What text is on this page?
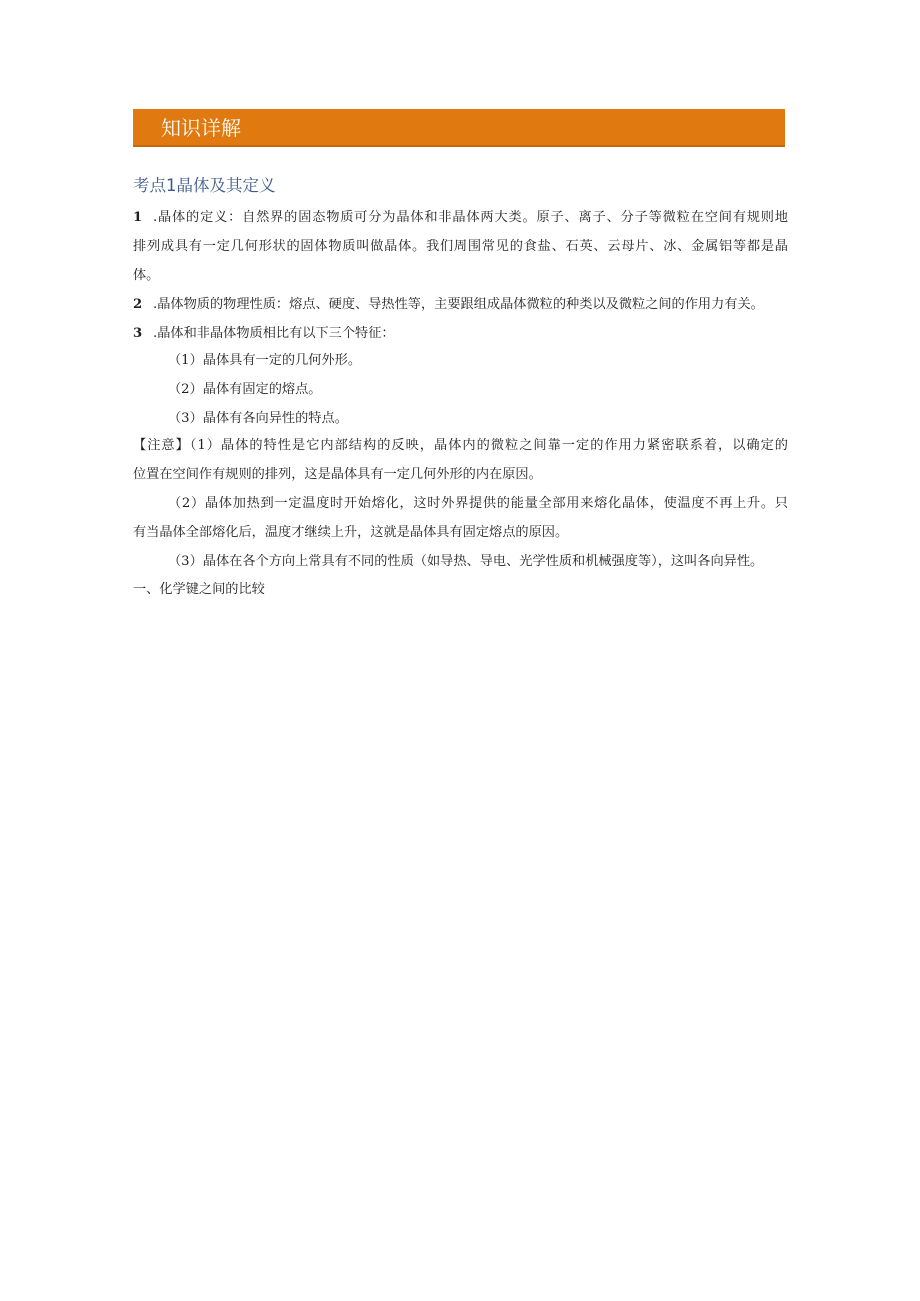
知识详解
考点1晶体及其定义
1 .晶体的定义：自然界的固态物质可分为晶体和非晶体两大类。原子、离子、分子等微粒在空间有规则地
排列成具有一定几何形状的固体物质叫做晶体。我们周围常见的食盐、石英、云母片、冰、金属铝等都是晶
体。
2 .晶体物质的物理性质：熔点、硬度、导热性等，主要跟组成晶体微粒的种类以及微粒之间的作用力有关。
3 .晶体和非晶体物质相比有以下三个特征：
（1）晶体具有一定的几何外形。
（2）晶体有固定的熔点。
（3）晶体有各向异性的特点。
【注意】（1）晶体的特性是它内部结构的反映，晶体内的微粒之间靠一定的作用力紧密联系着，以确定的
位置在空间作有规则的排列，这是晶体具有一定几何外形的内在原因。
（2）晶体加热到一定温度时开始熔化，这时外界提供的能量全部用来熔化晶体，使温度不再上升。只
有当晶体全部熔化后，温度才继续上升，这就是晶体具有固定熔点的原因。
（3）晶体在各个方向上常具有不同的性质（如导热、导电、光学性质和机械强度等），这叫各向异性。
一、化学键之间的比较
